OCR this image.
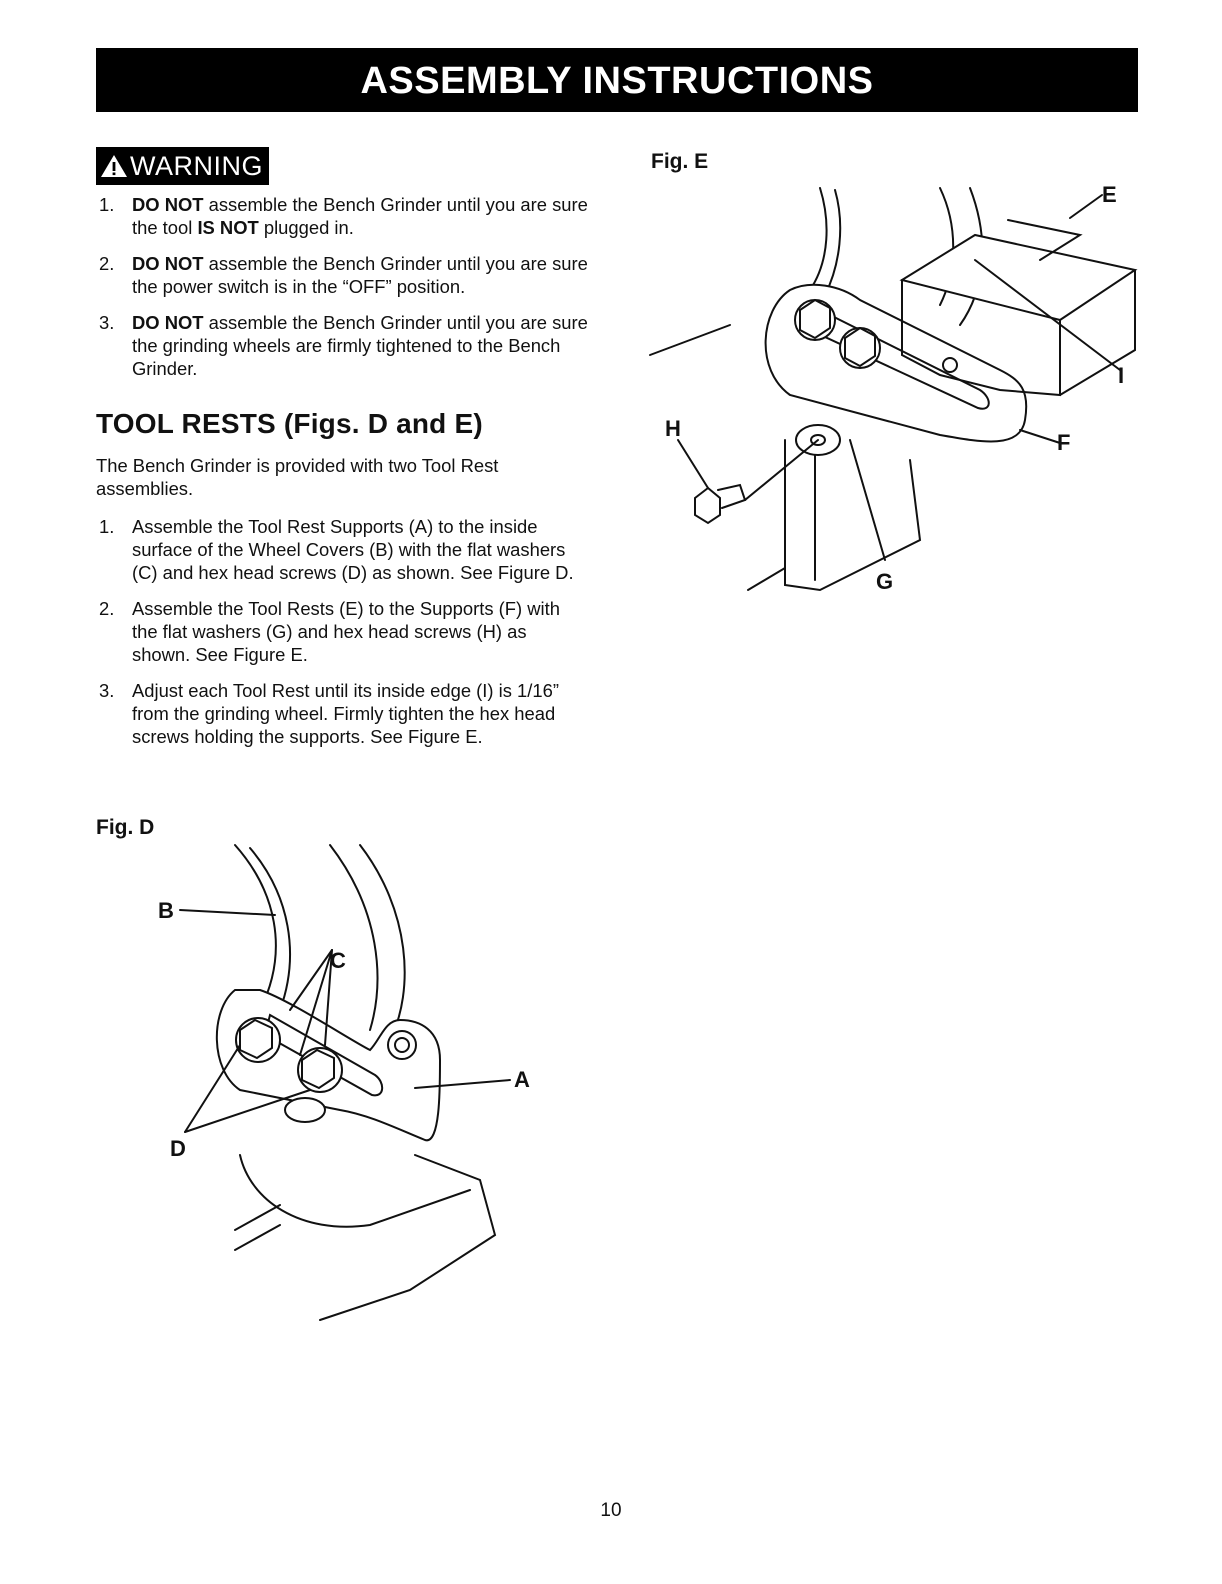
ASSEMBLY INSTRUCTIONS
WARNING
1. DO NOT assemble the Bench Grinder until you are sure the tool IS NOT plugged in.
2. DO NOT assemble the Bench Grinder until you are sure the power switch is in the “OFF” position.
3. DO NOT assemble the Bench Grinder until you are sure the grinding wheels are firmly tightened to the Bench Grinder.
TOOL RESTS (Figs. D and E)

The Bench Grinder is provided with two Tool Rest assemblies.

1. Assemble the Tool Rest Supports (A) to the inside surface of the Wheel Covers (B) with the flat washers (C) and hex head screws (D) as shown. See Figure D.
2. Assemble the Tool Rests (E) to the Supports (F) with the flat washers (G) and hex head screws (H) as shown. See Figure E.
3. Adjust each Tool Rest until its inside edge (I) is 1/16” from the grinding wheel. Firmly tighten the hex head screws holding the supports. See Figure E.
Fig. D
B
C
D
A
Fig. E
E
I
F
G
H
10
